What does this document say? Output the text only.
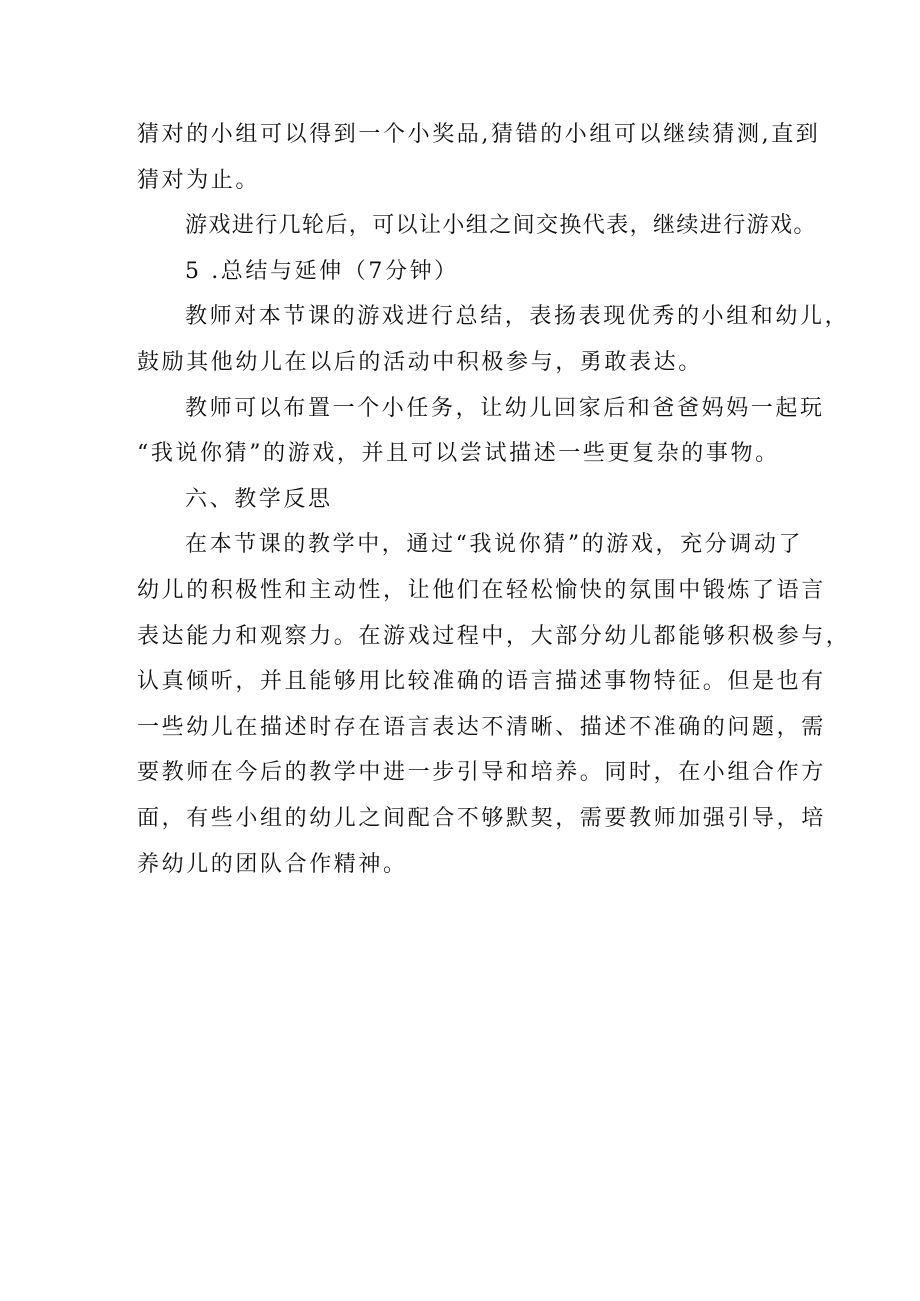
猜对的小组可以得到一个小奖品,猜错的小组可以继续猜测,直到
猜对为止。
游戏进行几轮后，可以让小组之间交换代表，继续进行游戏。
5 .总结与延伸（7分钟）
教师对本节课的游戏进行总结，表扬表现优秀的小组和幼儿，
鼓励其他幼儿在以后的活动中积极参与，勇敢表达。
教师可以布置一个小任务，让幼儿回家后和爸爸妈妈一起玩
“我说你猜”的游戏，并且可以尝试描述一些更复杂的事物。
六、教学反思
在本节课的教学中，通过“我说你猜”的游戏，充分调动了
幼儿的积极性和主动性，让他们在轻松愉快的氛围中锻炼了语言
表达能力和观察力。在游戏过程中，大部分幼儿都能够积极参与，
认真倾听，并且能够用比较准确的语言描述事物特征。但是也有
一些幼儿在描述时存在语言表达不清晰、描述不准确的问题，需
要教师在今后的教学中进一步引导和培养。同时，在小组合作方
面，有些小组的幼儿之间配合不够默契，需要教师加强引导，培
养幼儿的团队合作精神。
